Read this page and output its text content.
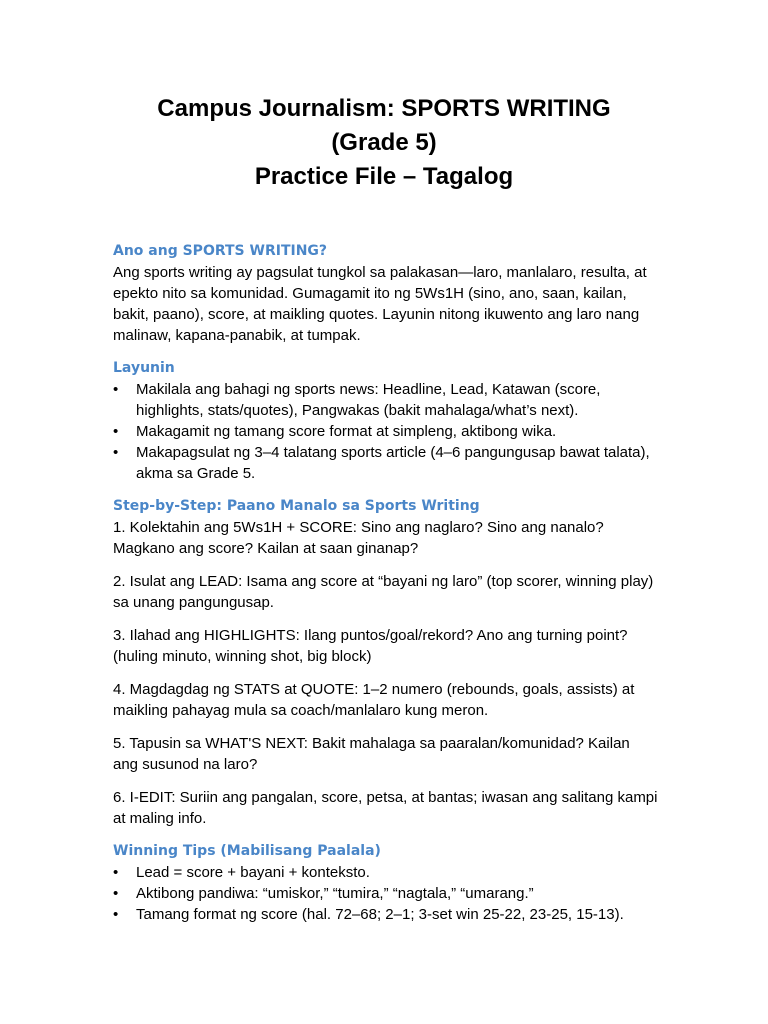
Campus Journalism: SPORTS WRITING
(Grade 5)
Practice File – Tagalog
Ano ang SPORTS WRITING?

Ang sports writing ay pagsulat tungkol sa palakasan—laro, manlalaro, resulta, at epekto nito sa komunidad. Gumagamit ito ng 5Ws1H (sino, ano, saan, kailan, bakit, paano), score, at maikling quotes. Layunin nitong ikuwento ang laro nang malinaw, kapana-panabik, at tumpak.

Layunin
• Makilala ang bahagi ng sports news: Headline, Lead, Katawan (score, highlights, stats/quotes), Pangwakas (bakit mahalaga/what’s next).
• Makagamit ng tamang score format at simpleng, aktibong wika.
• Makapagsulat ng 3–4 talatang sports article (4–6 pangungusap bawat talata), akma sa Grade 5.
Step-by-Step: Paano Manalo sa Sports Writing

1. Kolektahin ang 5Ws1H + SCORE: Sino ang naglaro? Sino ang nanalo? Magkano ang score? Kailan at saan ginanap?

2. Isulat ang LEAD: Isama ang score at “bayani ng laro” (top scorer, winning play) sa unang pangungusap.

3. Ilahad ang HIGHLIGHTS: Ilang puntos/goal/rekord? Ano ang turning point? (huling minuto, winning shot, big block)

4. Magdagdag ng STATS at QUOTE: 1–2 numero (rebounds, goals, assists) at maikling pahayag mula sa coach/manlalaro kung meron.

5. Tapusin sa WHAT'S NEXT: Bakit mahalaga sa paaralan/komunidad? Kailan ang susunod na laro?

6. I-EDIT: Suriin ang pangalan, score, petsa, at bantas; iwasan ang salitang kampi at maling info.

Winning Tips (Mabilisang Paalala)
• Lead = score + bayani + konteksto.
• Aktibong pandiwa: “umiskor,” “tumira,” “nagtala,” “umarang.”
• Tamang format ng score (hal. 72–68; 2–1; 3-set win 25-22, 23-25, 15-13).
